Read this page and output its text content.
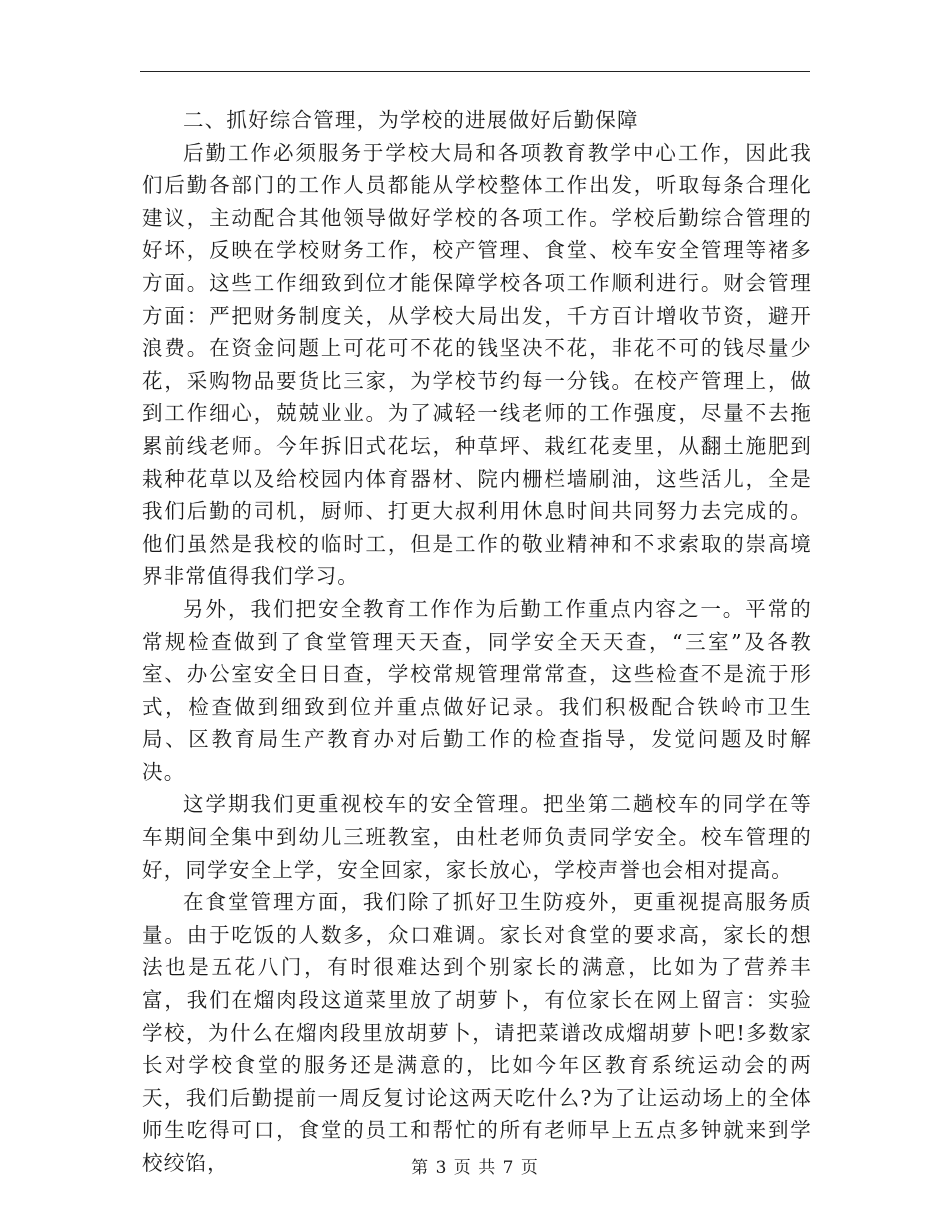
二、抓好综合管理，为学校的进展做好后勤保障

后勤工作必须服务于学校大局和各项教育教学中心工作，因此我们后勤各部门的工作人员都能从学校整体工作出发，听取每条合理化建议，主动配合其他领导做好学校的各项工作。学校后勤综合管理的好坏，反映在学校财务工作，校产管理、食堂、校车安全管理等褚多方面。这些工作细致到位才能保障学校各项工作顺利进行。财会管理方面：严把财务制度关，从学校大局出发，千方百计增收节资，避开浪费。在资金问题上可花可不花的钱坚决不花，非花不可的钱尽量少花，采购物品要货比三家，为学校节约每一分钱。在校产管理上，做到工作细心，兢兢业业。为了减轻一线老师的工作强度，尽量不去拖累前线老师。今年拆旧式花坛，种草坪、栽红花麦里，从翻土施肥到栽种花草以及给校园内体育器材、院内栅栏墙刷油，这些活儿，全是我们后勤的司机，厨师、打更大叔利用休息时间共同努力去完成的。他们虽然是我校的临时工，但是工作的敬业精神和不求索取的崇高境界非常值得我们学习。

另外，我们把安全教育工作作为后勤工作重点内容之一。平常的常规检查做到了食堂管理天天查，同学安全天天查，“三室”及各教室、办公室安全日日查，学校常规管理常常查，这些检查不是流于形式，检查做到细致到位并重点做好记录。我们积极配合铁岭市卫生局、区教育局生产教育办对后勤工作的检查指导，发觉问题及时解决。

这学期我们更重视校车的安全管理。把坐第二趟校车的同学在等车期间全集中到幼儿三班教室，由杜老师负责同学安全。校车管理的好，同学安全上学，安全回家，家长放心，学校声誉也会相对提高。

在食堂管理方面，我们除了抓好卫生防疫外，更重视提高服务质量。由于吃饭的人数多，众口难调。家长对食堂的要求高，家长的想法也是五花八门，有时很难达到个别家长的满意，比如为了营养丰富，我们在熘肉段这道菜里放了胡萝卜，有位家长在网上留言：实验学校，为什么在熘肉段里放胡萝卜，请把菜谱改成熘胡萝卜吧!多数家长对学校食堂的服务还是满意的，比如今年区教育系统运动会的两天，我们后勤提前一周反复讨论这两天吃什么?为了让运动场上的全体师生吃得可口，食堂的员工和帮忙的所有老师早上五点多钟就来到学校绞馅，	第 3 页 共 7 页
